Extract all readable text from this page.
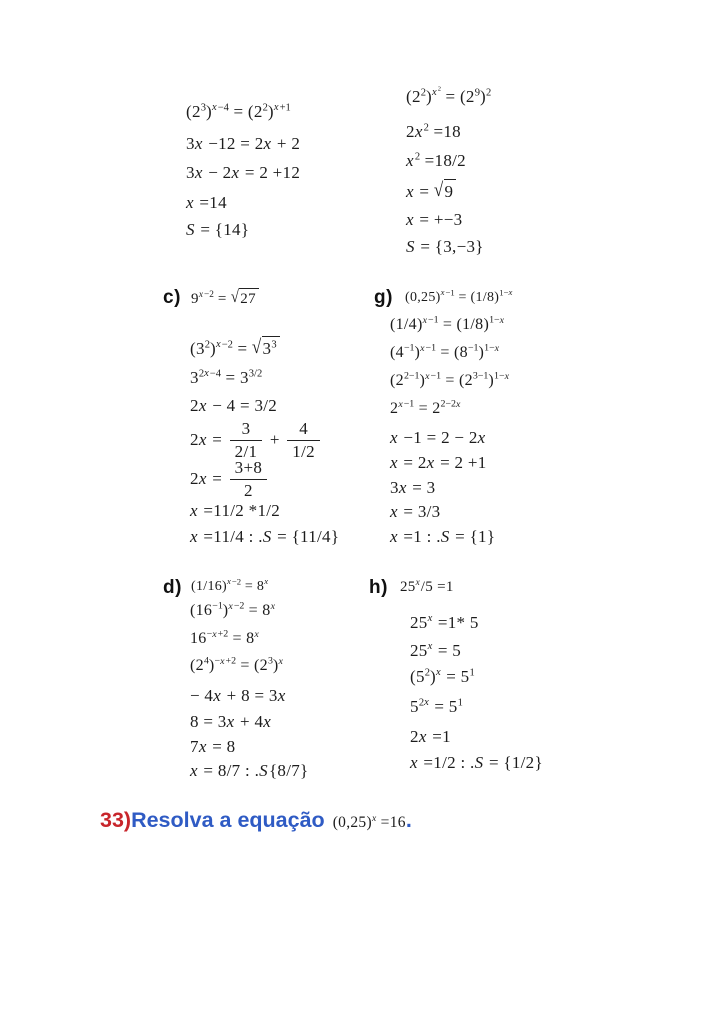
$(2^3)^{x-4} = (2^2)^{x+1}$
3x −12 = 2x + 2
3x − 2x = 2 +12
x =14
S = {14}
$(2^2)^{x^2} = (2^9)^2$
$2x^2 =18$
$x^2 =18/2$
x = √9
x = +−3
S = {3,−3}
c) $9^{x-2} = √27$
$(3^2)^{x-2} = √3^3$
$3^{2x-4} = 3^{3/2}$
2x − 4 = 3/2
$2x = \frac{3}{2/1} + \frac{4}{1/2}$
$2x = \frac{3+8}{2}$
x =11/2 *1/2
x =11/4 : .S = {11/4}
g) $(0,25)^{x-1} = (1/8)^{1-x}$
$(1/4)^{x-1} = (1/8)^{1-x}$
$(4^{-1})^{x-1} = (8^{-1})^{1-x}$
$(2^{2-1})^{x-1} = (2^{3-1})^{1-x}$
$2^{x-1} = 2^{2-2x}$
x −1 = 2 − 2x
x = 2x = 2 +1
3x = 3
x = 3/3
x =1 : .S = {1}
d) $(1/16)^{x-2} = 8^x$
$(16^{-1})^{x-2} = 8^x$
$16^{-x+2} = 8^x$
$(2^4)^{-x+2} = (2^3)^x$
− 4x + 8 = 3x
8 = 3x + 4x
7x = 8
x = 8/7 : .S{8/7}
h) $25^x/5 =1$
$25^x =1*$ 5
$25^x = 5$
$(5^2)^x = 5^1$
$5^{2x} = 5^1$
2x =1
x =1/2 : .S = {1/2}
33)Resolva a equação $(0,25)^x =16$.
